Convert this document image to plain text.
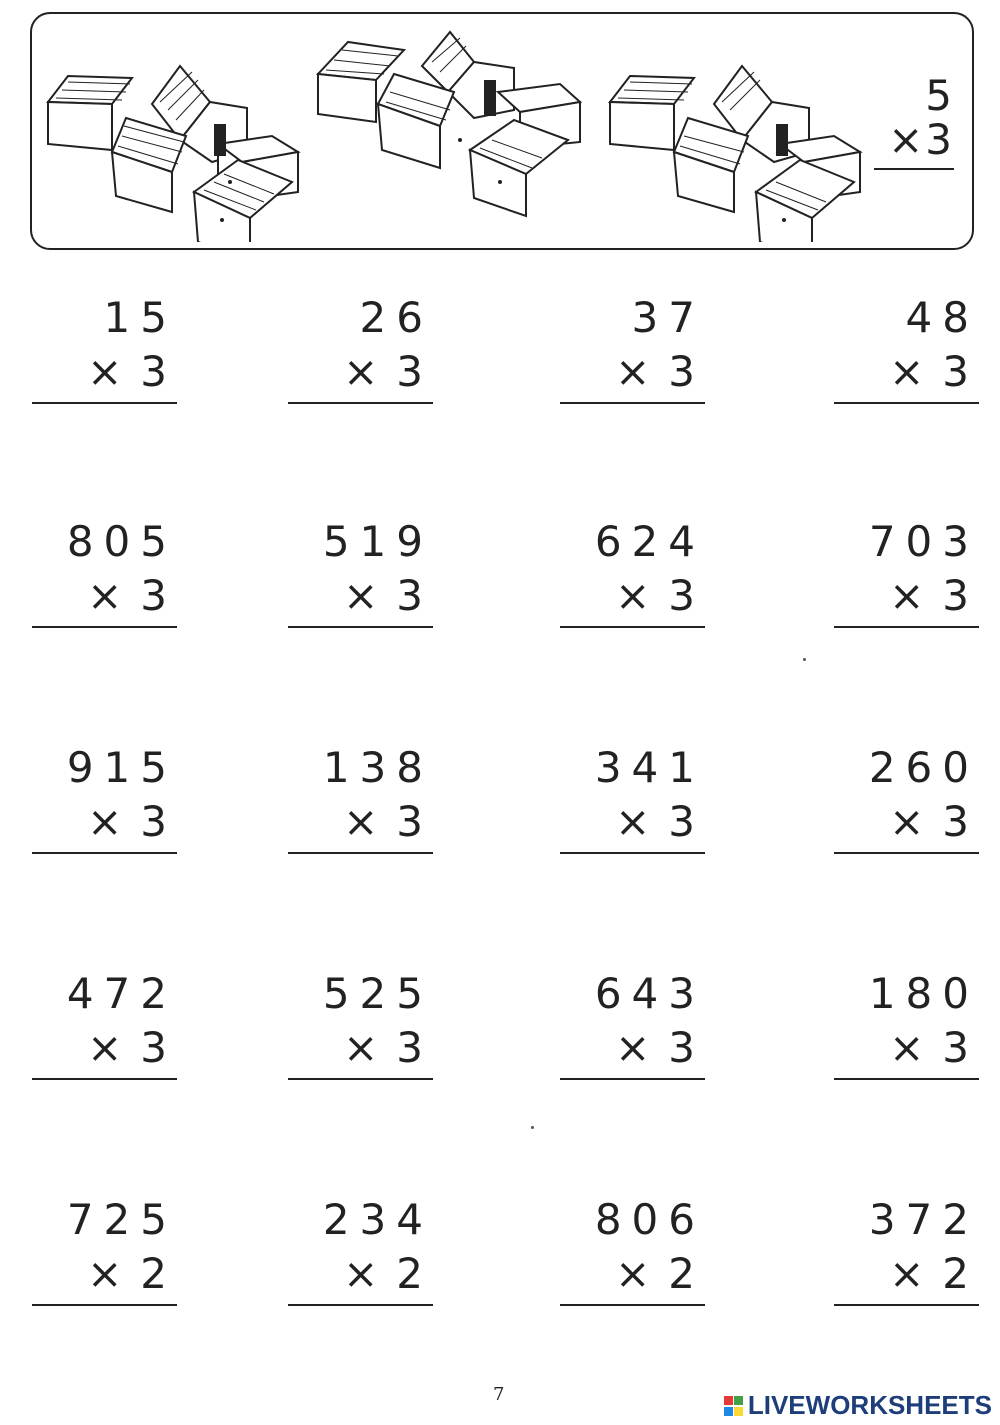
5
×3
15
×3
26
×3
37
×3
48
×3
805
×3
519
×3
624
×3
703
×3
915
×3
138
×3
341
×3
260
×3
472
×3
525
×3
643
×3
180
×3
725
×2
234
×2
806
×2
372
×2
7	LIVEWORKSHEETS
